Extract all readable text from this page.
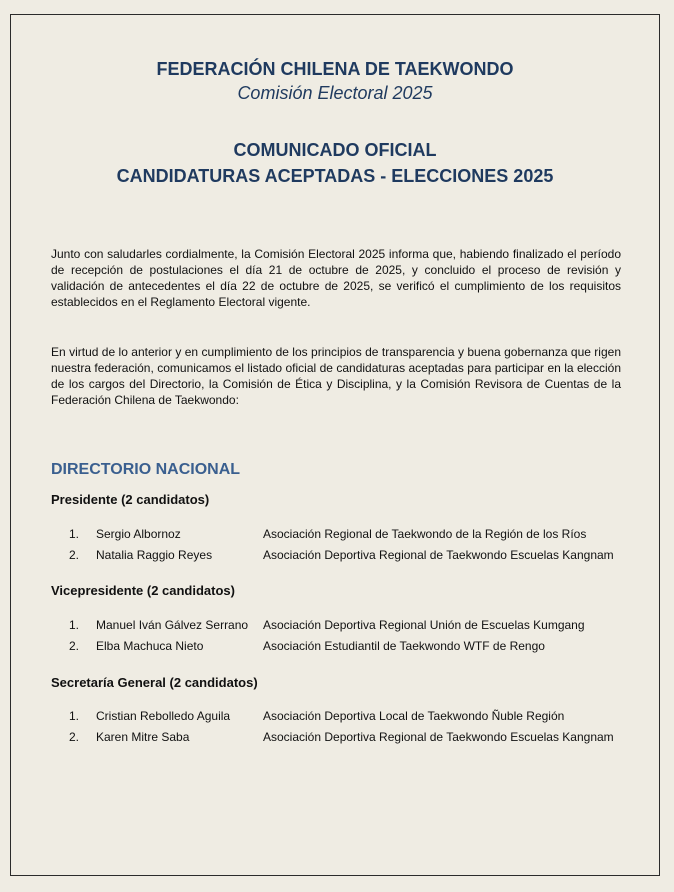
FEDERACIÓN CHILENA DE TAEKWONDO
Comisión Electoral 2025
COMUNICADO OFICIAL
CANDIDATURAS ACEPTADAS - ELECCIONES 2025

Junto con saludarles cordialmente, la Comisión Electoral 2025 informa que, habiendo finalizado el período de recepción de postulaciones el día 21 de octubre de 2025, y concluido el proceso de revisión y validación de antecedentes el día 22 de octubre de 2025, se verificó el cumplimiento de los requisitos establecidos en el Reglamento Electoral vigente.

En virtud de lo anterior y en cumplimiento de los principios de transparencia y buena gobernanza que rigen nuestra federación, comunicamos el listado oficial de candidaturas aceptadas para participar en la elección de los cargos del Directorio, la Comisión de Ética y Disciplina, y la Comisión Revisora de Cuentas de la Federación Chilena de Taekwondo:

DIRECTORIO NACIONAL
Presidente (2 candidatos)
1. Sergio Albornoz	Asociación Regional de Taekwondo de la Región de los Ríos
2. Natalia Raggio Reyes	Asociación Deportiva Regional de Taekwondo Escuelas Kangnam
Vicepresidente (2 candidatos)
1. Manuel Iván Gálvez Serrano Asociación Deportiva Regional Unión de Escuelas Kumgang
2. Elba Machuca Nieto	Asociación Estudiantil de Taekwondo WTF de Rengo
Secretaría General (2 candidatos)
1. Cristian Rebolledo Aguila	Asociación Deportiva Local de Taekwondo Ñuble Región
2. Karen Mitre Saba	Asociación Deportiva Regional de Taekwondo Escuelas Kangnam
